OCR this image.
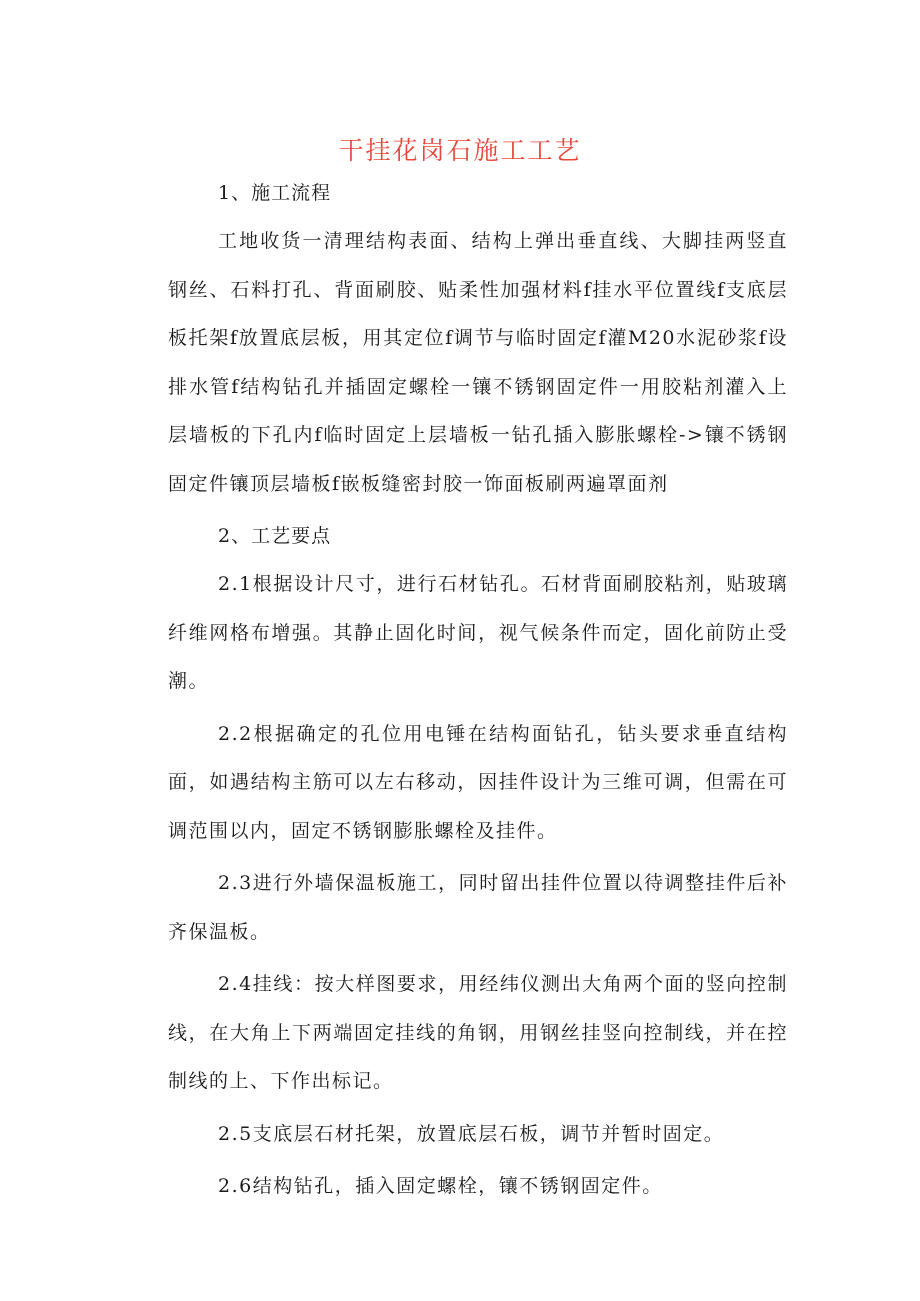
干挂花岗石施工工艺

1、施工流程

工地收货一清理结构表面、结构上弹出垂直线、大脚挂两竖直钢丝、石料打孔、背面刷胶、贴柔性加强材料f挂水平位置线f支底层板托架f放置底层板，用其定位f调节与临时固定f灌M20水泥砂浆f设排水管f结构钻孔并插固定螺栓一镶不锈钢固定件一用胶粘剂灌入上层墙板的下孔内f临时固定上层墙板一钻孔插入膨胀螺栓->镶不锈钢固定件镶顶层墙板f嵌板缝密封胶一饰面板刷两遍罩面剂

2、工艺要点

2.1根据设计尺寸，进行石材钻孔。石材背面刷胶粘剂，贴玻璃纤维网格布增强。其静止固化时间，视气候条件而定，固化前防止受潮。

2.2根据确定的孔位用电锤在结构面钻孔，钻头要求垂直结构面，如遇结构主筋可以左右移动，因挂件设计为三维可调，但需在可调范围以内，固定不锈钢膨胀螺栓及挂件。

2.3进行外墙保温板施工，同时留出挂件位置以待调整挂件后补齐保温板。

2.4挂线：按大样图要求，用经纬仪测出大角两个面的竖向控制线，在大角上下两端固定挂线的角钢，用钢丝挂竖向控制线，并在控制线的上、下作出标记。

2.5支底层石材托架，放置底层石板，调节并暂时固定。

2.6结构钻孔，插入固定螺栓，镶不锈钢固定件。
